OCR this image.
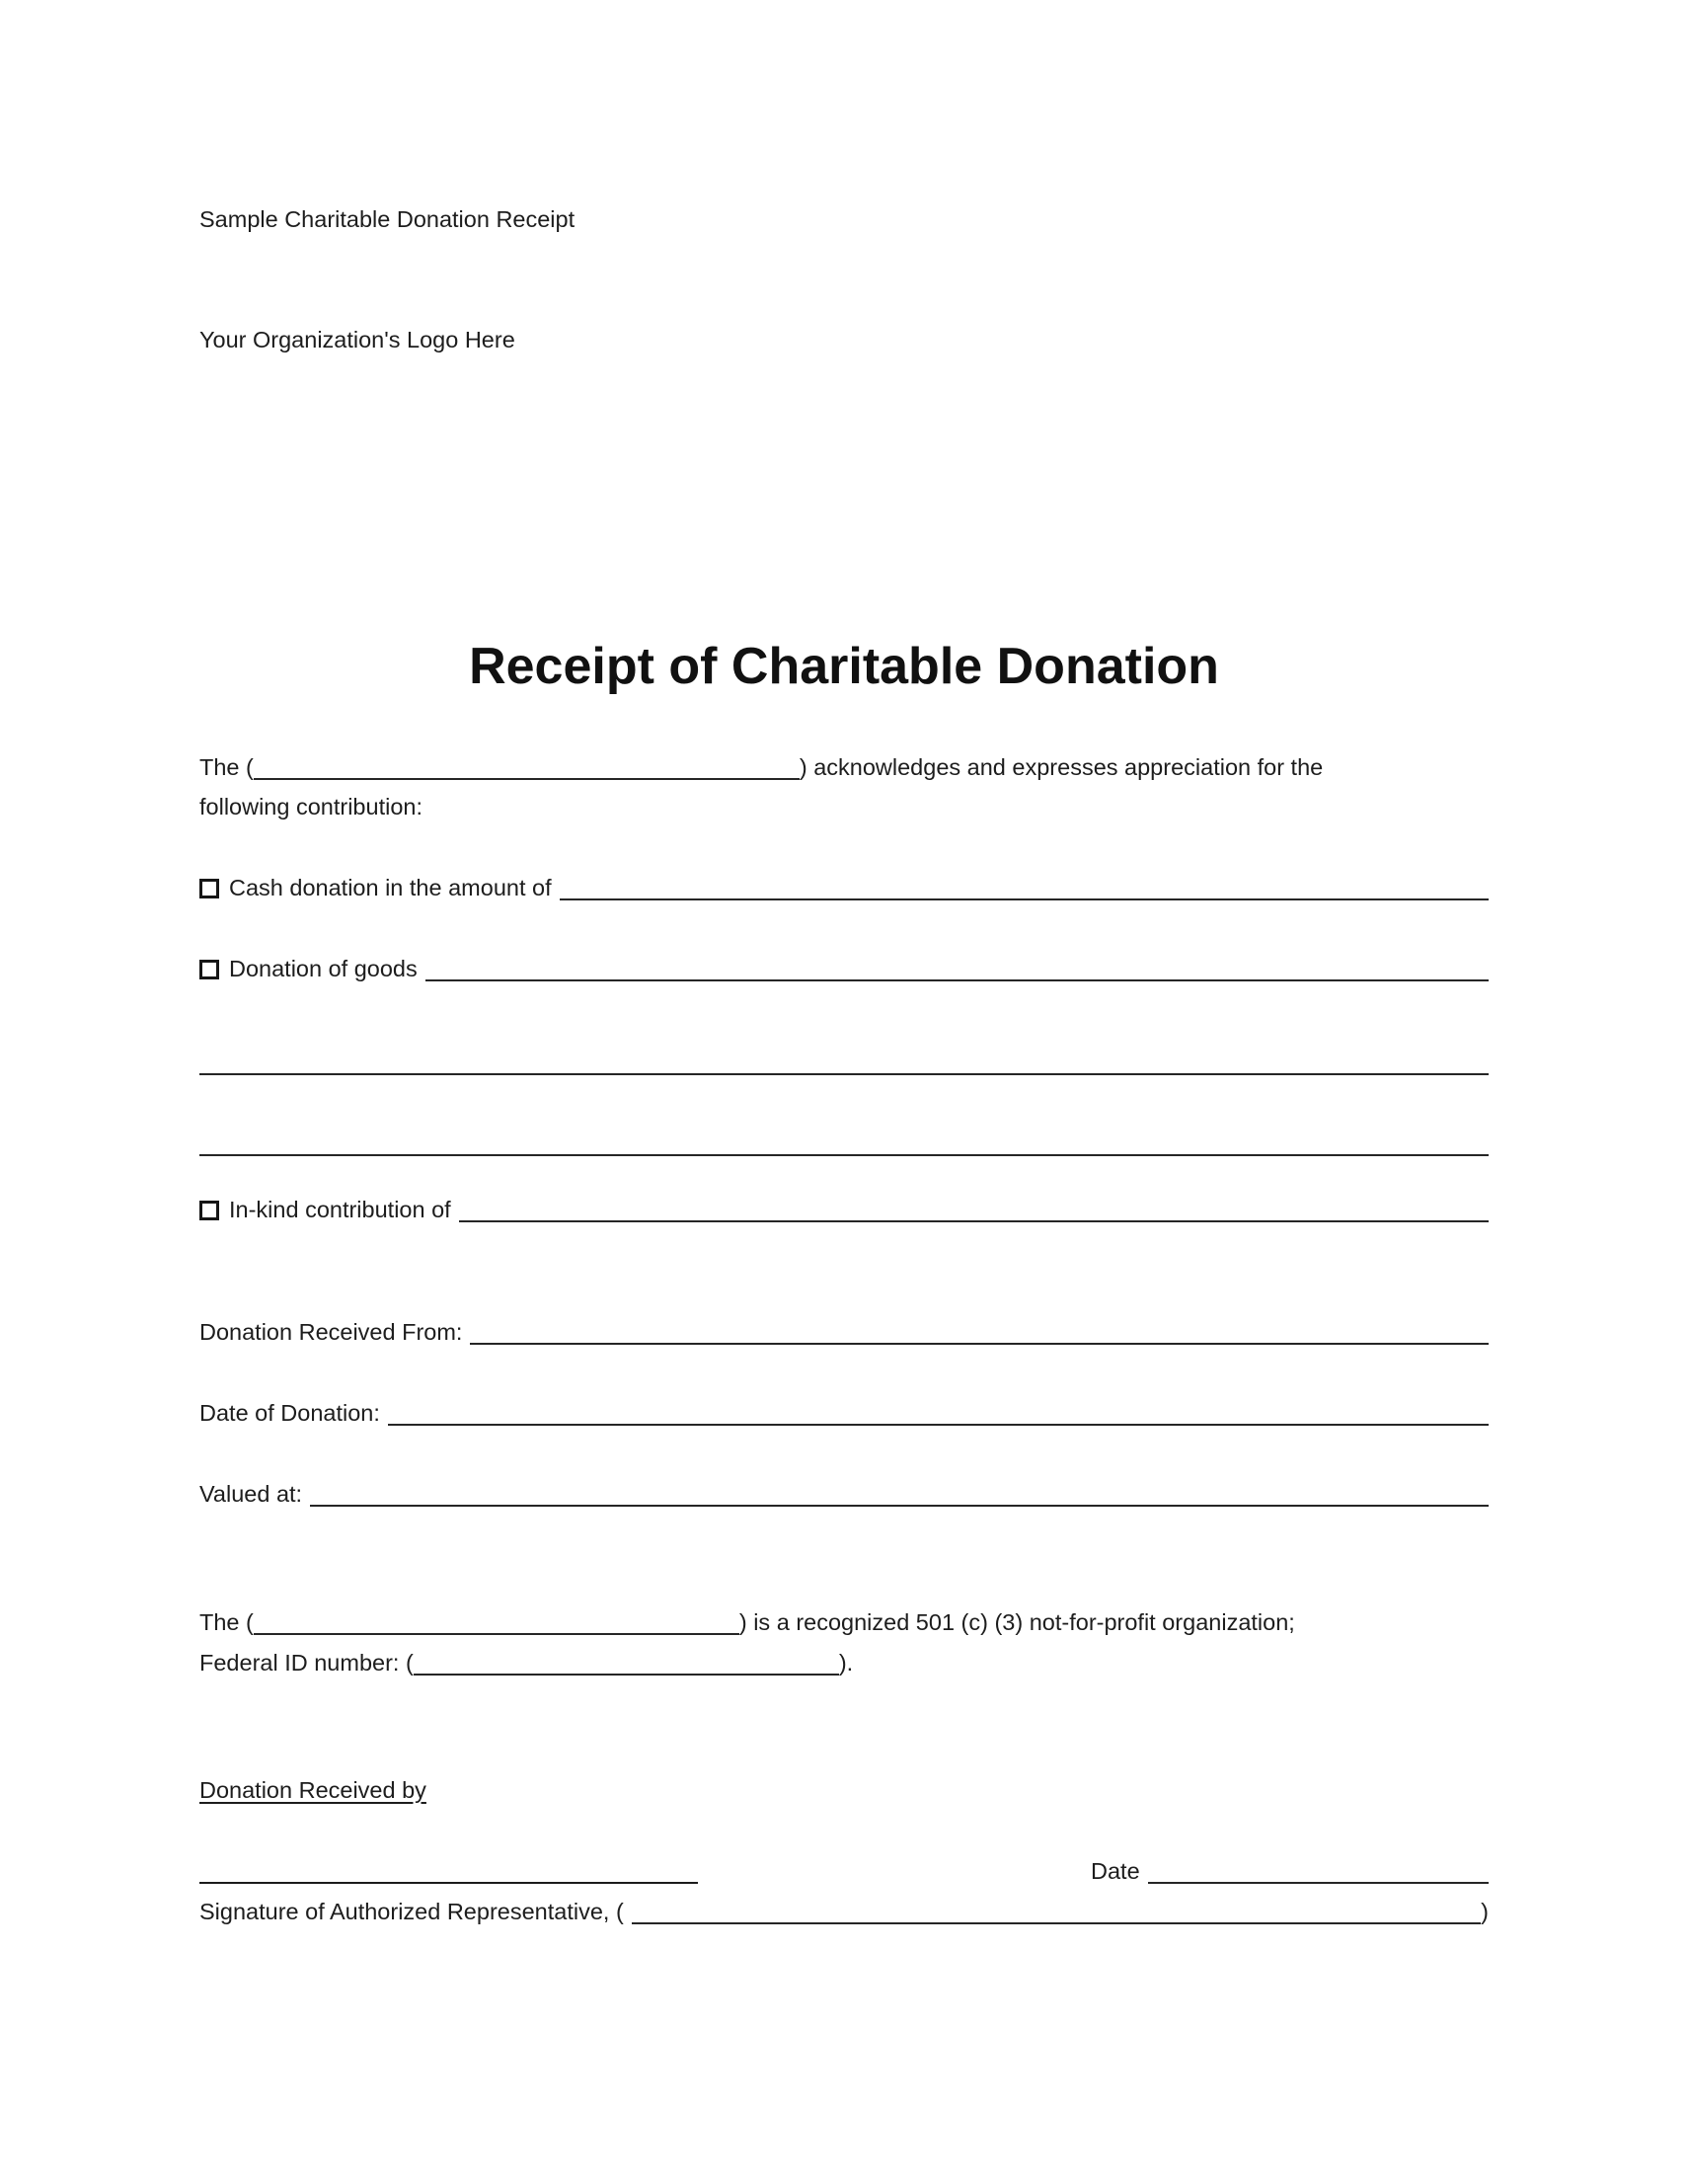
Sample Charitable Donation Receipt
Your Organization's Logo Here
Receipt of Charitable Donation
The (	) acknowledges and expresses appreciation for the
following contribution:
Cash donation in the amount of
Donation of goods
In-kind contribution of
Donation Received From:
Date of Donation:
Valued at:
The (	) is a recognized 501 (c) (3) not-for-profit organization;
Federal ID number: (	).
Donation Received by
Date
Signature of Authorized Representative, (	)
